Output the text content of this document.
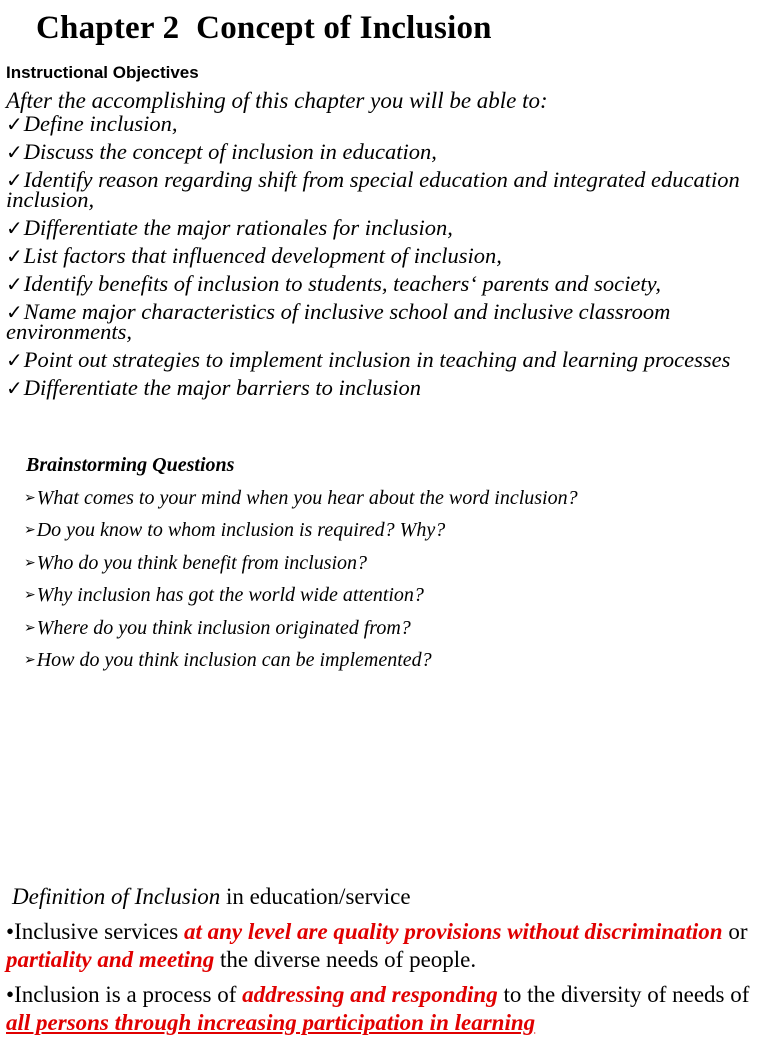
Chapter 2  Concept of Inclusion
Instructional Objectives
After the accomplishing of this chapter you will be able to:
✓Define inclusion,
✓Discuss the concept of inclusion in education,
✓Identify reason regarding shift from special education and integrated education inclusion,
✓Differentiate the major rationales for inclusion,
✓List factors that influenced development of inclusion,
✓Identify benefits of inclusion to students, teachers‘ parents and society,
✓Name major characteristics of inclusive school and inclusive classroom environments,
✓Point out strategies to implement inclusion in teaching and learning processes
✓Differentiate the major barriers to inclusion
Brainstorming Questions
➢What comes to your mind when you hear about the word inclusion?
➢Do you know to whom inclusion is required? Why?
➢Who do you think benefit from inclusion?
➢Why inclusion has got the world wide attention?
➢Where do you think inclusion originated from?
➢How do you think inclusion can be implemented?
Definition of Inclusion in education/service
•Inclusive services at any level are quality provisions without discrimination or partiality and meeting the diverse needs of people.
•Inclusion is a process of addressing and responding to the diversity of needs of all persons through increasing participation in learning
